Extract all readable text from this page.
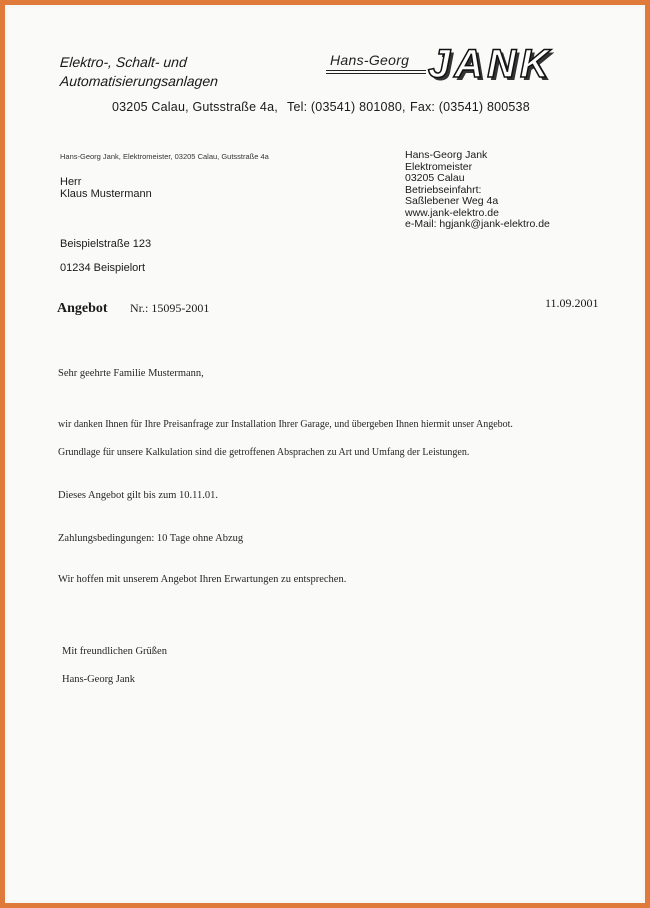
Elektro-, Schalt- und
Automatisierungsanlagen
Hans-Georg JANK
03205 Calau, Gutsstraße 4a, Tel: (03541) 801080, Fax: (03541) 800538
Hans-Georg Jank, Elektromeister, 03205 Calau, Gutsstraße 4a
Herr
Klaus Mustermann
Beispielstraße 123
01234 Beispielort
Hans-Georg Jank
Elektromeister
03205 Calau
Betriebseinfahrt:
Saßlebener Weg 4a
www.jank-elektro.de
e-Mail: hgjank@jank-elektro.de
Angebot Nr.: 15095-2001	11.09.2001
Sehr geehrte Familie Mustermann,
wir danken Ihnen für Ihre Preisanfrage zur Installation Ihrer Garage, und übergeben Ihnen hiermit unser Angebot.
Grundlage für unsere Kalkulation sind die getroffenen Absprachen zu Art und Umfang der Leistungen.
Dieses Angebot gilt bis zum 10.11.01.
Zahlungsbedingungen: 10 Tage ohne Abzug
Wir hoffen mit unserem Angebot Ihren Erwartungen zu entsprechen.
Mit freundlichen Grüßen
Hans-Georg Jank
